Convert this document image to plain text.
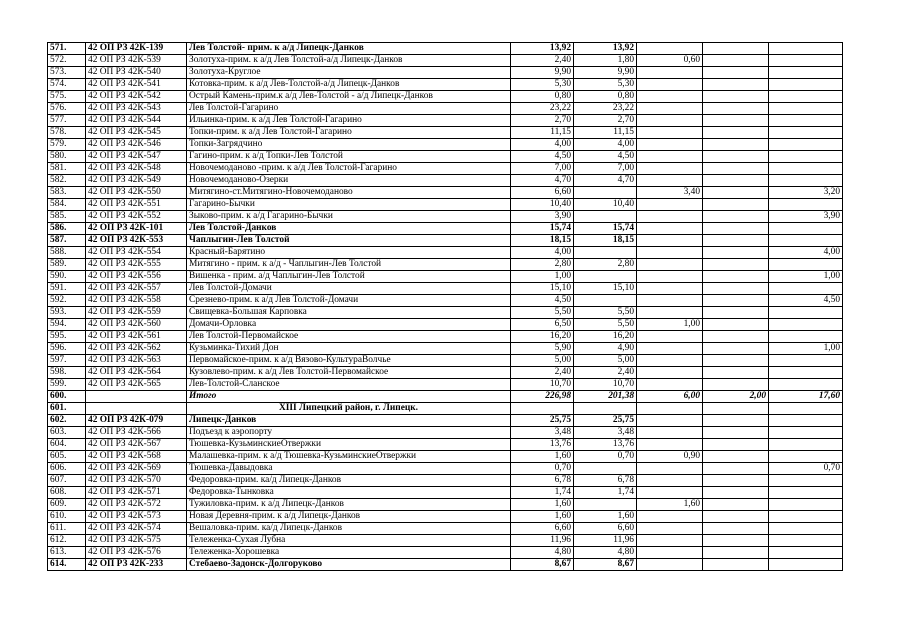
571.	42 ОП РЗ 42К-139	Лев Толстой- прим. к а/д Липецк-Данков	13,92	13,92			
572.	42 ОП РЗ 42К-539	Золотуха-прим. к а/д Лев Толстой-а/д Липецк-Данков	2,40	1,80	0,60		
573.	42 ОП РЗ 42К-540	Золотуха-Круглое	9,90	9,90			
574.	42 ОП РЗ 42К-541	Котовка-прим. к а/д Лев-Толстой-а/д Липецк-Данков	5,30	5,30			
575.	42 ОП РЗ 42К-542	Острый Камень-прим.к а/д Лев-Толстой - а/д Липецк-Данков	0,80	0,80			
576.	42 ОП РЗ 42К-543	Лев Толстой-Гагарино	23,22	23,22			
577.	42 ОП РЗ 42К-544	Ильинка-прим. к а/д Лев Толстой-Гагарино	2,70	2,70			
578.	42 ОП РЗ 42К-545	Топки-прим. к а/д Лев Толстой-Гагарино	11,15	11,15			
579.	42 ОП РЗ 42К-546	Топки-Загрядчино	4,00	4,00			
580.	42 ОП РЗ 42К-547	Гагино-прим. к а/д Топки-Лев Толстой	4,50	4,50			
581.	42 ОП РЗ 42К-548	Новочемоданово -прим. к а/д Лев Толстой-Гагарино	7,00	7,00			
582.	42 ОП РЗ 42К-549	Новочемоданово-Озерки	4,70	4,70			
583.	42 ОП РЗ 42К-550	Митягино-ст.Митягино-Новочемоданово	6,60		3,40		3,20
584.	42 ОП РЗ 42К-551	Гагарино-Бычки	10,40	10,40			
585.	42 ОП РЗ 42К-552	Зыково-прим. к а/д Гагарино-Бычки	3,90				3,90
586.	42 ОП РЗ 42К-101	Лев Толстой-Данков	15,74	15,74			
587.	42 ОП РЗ 42К-553	Чаплыгин-Лев Толстой	18,15	18,15			
588.	42 ОП РЗ 42К-554	Красный-Барятино	4,00				4,00
589.	42 ОП РЗ 42К-555	Митягино - прим. к а/д - Чаплыгин-Лев Толстой	2,80	2,80			
590.	42 ОП РЗ 42К-556	Вишенка - прим. а/д Чаплыгин-Лев Толстой	1,00				1,00
591.	42 ОП РЗ 42К-557	Лев Толстой-Домачи	15,10	15,10			
592.	42 ОП РЗ 42К-558	Срезнево-прим. к а/д Лев Толстой-Домачи	4,50				4,50
593.	42 ОП РЗ 42К-559	Свищевка-Большая Карповка	5,50	5,50			
594.	42 ОП РЗ 42К-560	Домачи-Орловка	6,50	5,50	1,00		
595.	42 ОП РЗ 42К-561	Лев Толстой-Первомайское	16,20	16,20			
596.	42 ОП РЗ 42К-562	Кузьминка-Тихий Дон	5,90	4,90			1,00
597.	42 ОП РЗ 42К-563	Первомайское-прим. к а/д Вязово-КультураВолчье	5,00	5,00			
598.	42 ОП РЗ 42К-564	Кузовлево-прим. к а/д Лев Толстой-Первомайское	2,40	2,40			
599.	42 ОП РЗ 42К-565	Лев-Толстой-Сланское	10,70	10,70			
600.		Итого	226,98	201,38	6,00	2,00	17,60
601.		XIII Липецкий район, г. Липецк.					
602.	42 ОП РЗ 42К-079	Липецк-Данков	25,75	25,75			
603.	42 ОП РЗ 42К-566	Подъезд к аэропорту	3,48	3,48			
604.	42 ОП РЗ 42К-567	Тюшевка-КузьминскиеОтвержки	13,76	13,76			
605.	42 ОП РЗ 42К-568	Малашевка-прим. к а/д Тюшевка-КузьминскиеОтвержки	1,60	0,70	0,90		
606.	42 ОП РЗ 42К-569	Тюшевка-Давыдовка	0,70				0,70
607.	42 ОП РЗ 42К-570	Федоровка-прим. ка/д Липецк-Данков	6,78	6,78			
608.	42 ОП РЗ 42К-571	Федоровка-Тынковка	1,74	1,74			
609.	42 ОП РЗ 42К-572	Тужиловка-прим. к а/д Липецк-Данков	1,60		1,60		
610.	42 ОП РЗ 42К-573	Новая Деревня-прим. к а/д Липецк-Данков	1,60	1,60			
611.	42 ОП РЗ 42К-574	Вешаловка-прим. ка/д Липецк-Данков	6,60	6,60			
612.	42 ОП РЗ 42К-575	Тележенка-Сухая Лубна	11,96	11,96			
613.	42 ОП РЗ 42К-576	Тележенка-Хорошевка	4,80	4,80			
614.	42 ОП РЗ 42К-233	Стебаево-Задонск-Долгоруково	8,67	8,67			
